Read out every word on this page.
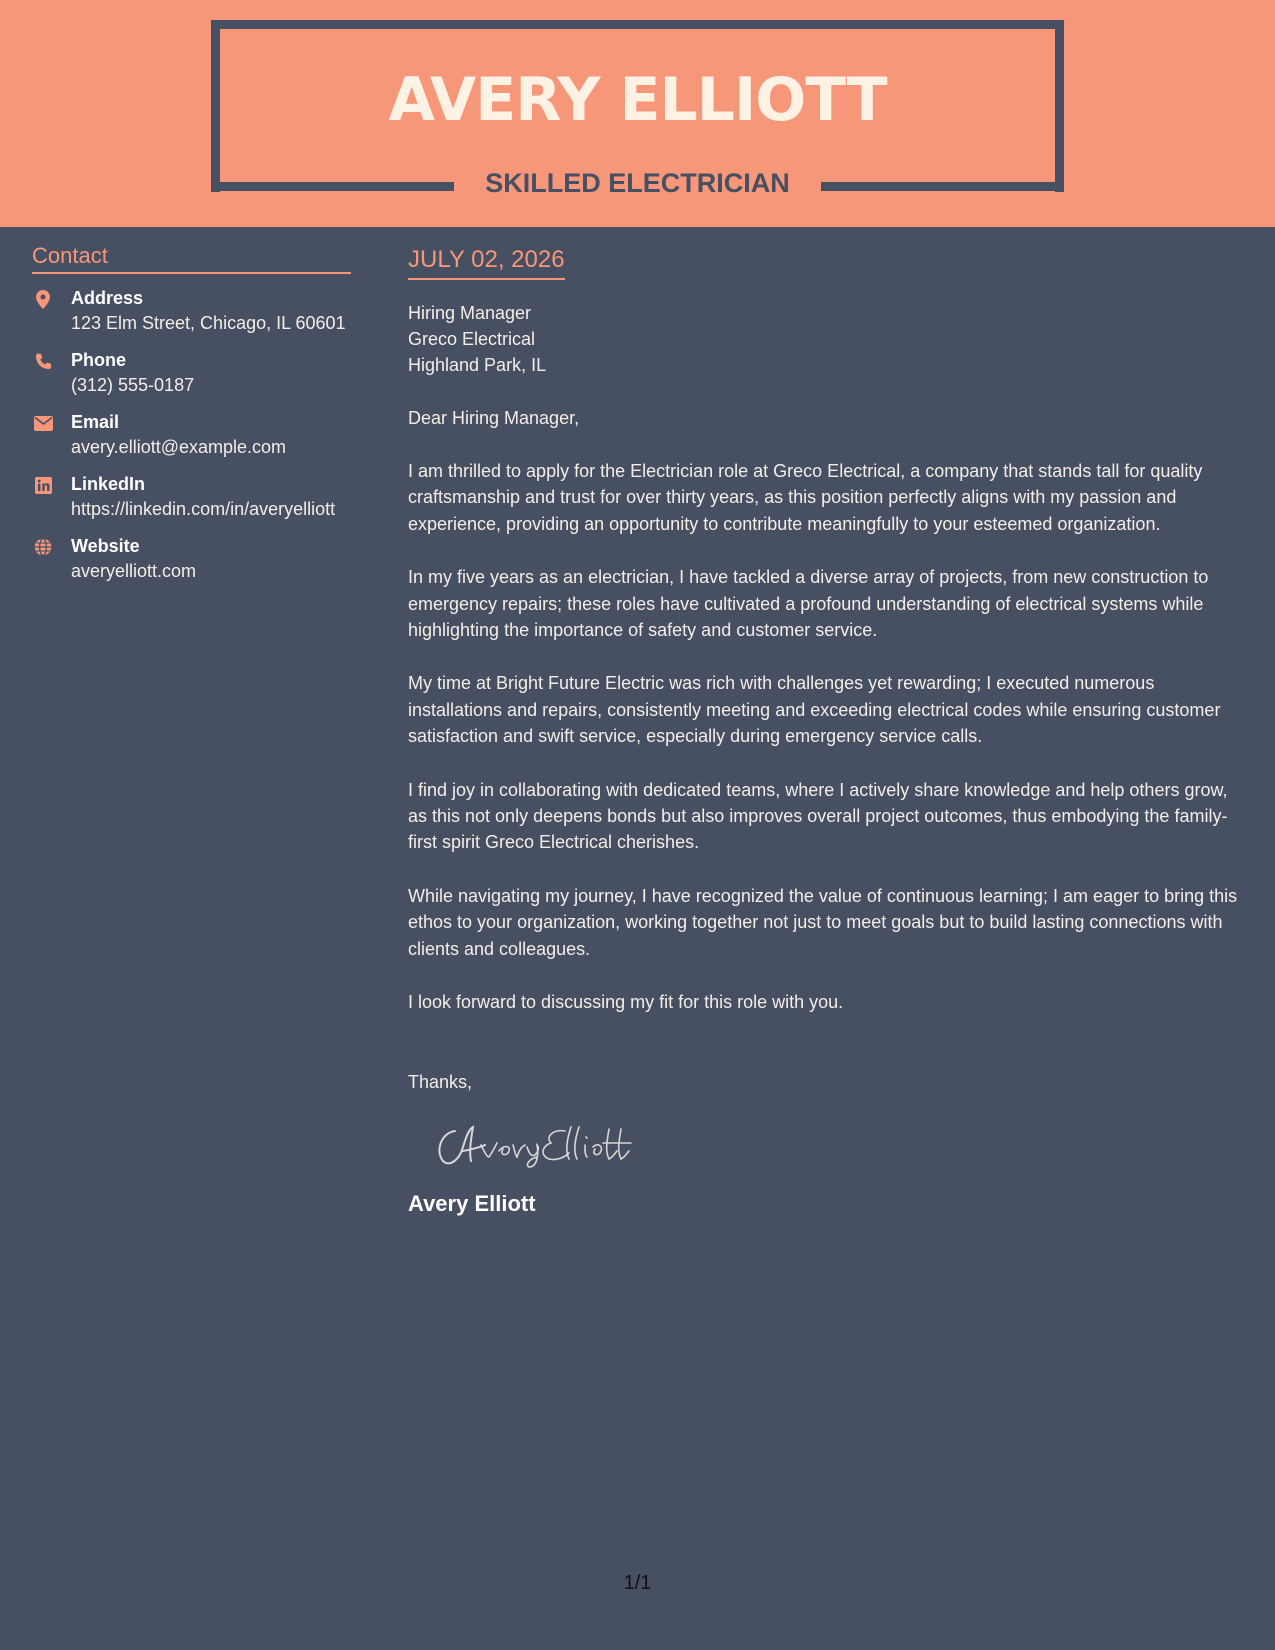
AVERY ELLIOTT
SKILLED ELECTRICIAN
Contact
Address
123 Elm Street, Chicago, IL 60601
Phone
(312) 555-0187
Email
avery.elliott@example.com
LinkedIn
https://linkedin.com/in/averyelliott
Website
averyelliott.com
JULY 02, 2026
Hiring Manager
Greco Electrical
Highland Park, IL
Dear Hiring Manager,
I am thrilled to apply for the Electrician role at Greco Electrical, a company that stands tall for quality craftsmanship and trust for over thirty years, as this position perfectly aligns with my passion and experience, providing an opportunity to contribute meaningfully to your esteemed organization.
In my five years as an electrician, I have tackled a diverse array of projects, from new construction to emergency repairs; these roles have cultivated a profound understanding of electrical systems while highlighting the importance of safety and customer service.
My time at Bright Future Electric was rich with challenges yet rewarding; I executed numerous installations and repairs, consistently meeting and exceeding electrical codes while ensuring customer satisfaction and swift service, especially during emergency service calls.
I find joy in collaborating with dedicated teams, where I actively share knowledge and help others grow, as this not only deepens bonds but also improves overall project outcomes, thus embodying the family-first spirit Greco Electrical cherishes.
While navigating my journey, I have recognized the value of continuous learning; I am eager to bring this ethos to your organization, working together not just to meet goals but to build lasting connections with clients and colleagues.
I look forward to discussing my fit for this role with you.
Thanks,
Avery Elliott
1/1
